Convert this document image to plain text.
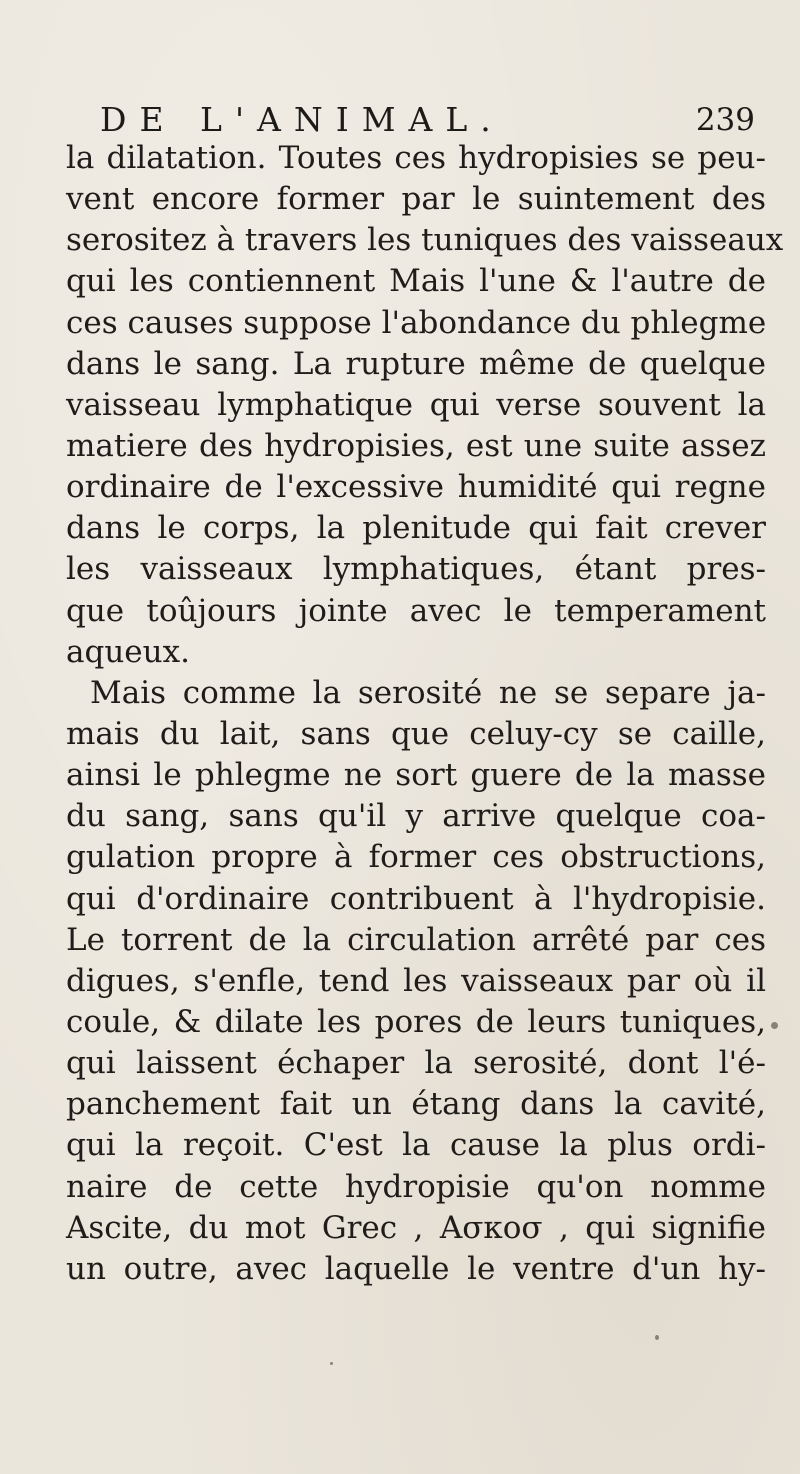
DE L'ANIMAL.	239
la dilatation. Toutes ces hydropisies se peu-
vent encore former par le suintement des
serositez à travers les tuniques des vaisseaux
qui les contiennent Mais l'une & l'autre de
ces causes suppose l'abondance du phlegme
dans le sang. La rupture même de quelque
vaisseau lymphatique qui verse souvent la
matiere des hydropisies, est une suite assez
ordinaire de l'excessive humidité qui regne
dans le corps, la plenitude qui fait crever
les vaisseaux lymphatiques, étant pres-
que toûjours jointe avec le temperament
aqueux.
Mais comme la serosité ne se separe ja-
mais du lait, sans que celuy-cy se caille,
ainsi le phlegme ne sort guere de la masse
du sang, sans qu'il y arrive quelque coa-
gulation propre à former ces obstructions,
qui d'ordinaire contribuent à l'hydropisie.
Le torrent de la circulation arrêté par ces
digues, s'enfle, tend les vaisseaux par où il
coule, & dilate les pores de leurs tuniques,
qui laissent échaper la serosité, dont l'é-
panchement fait un étang dans la cavité,
qui la reçoit. C'est la cause la plus ordi-
naire de cette hydropisie qu'on nomme
Ascite, du mot Grec , Ασκοσ , qui signifie
un outre, avec laquelle le ventre d'un hy-
